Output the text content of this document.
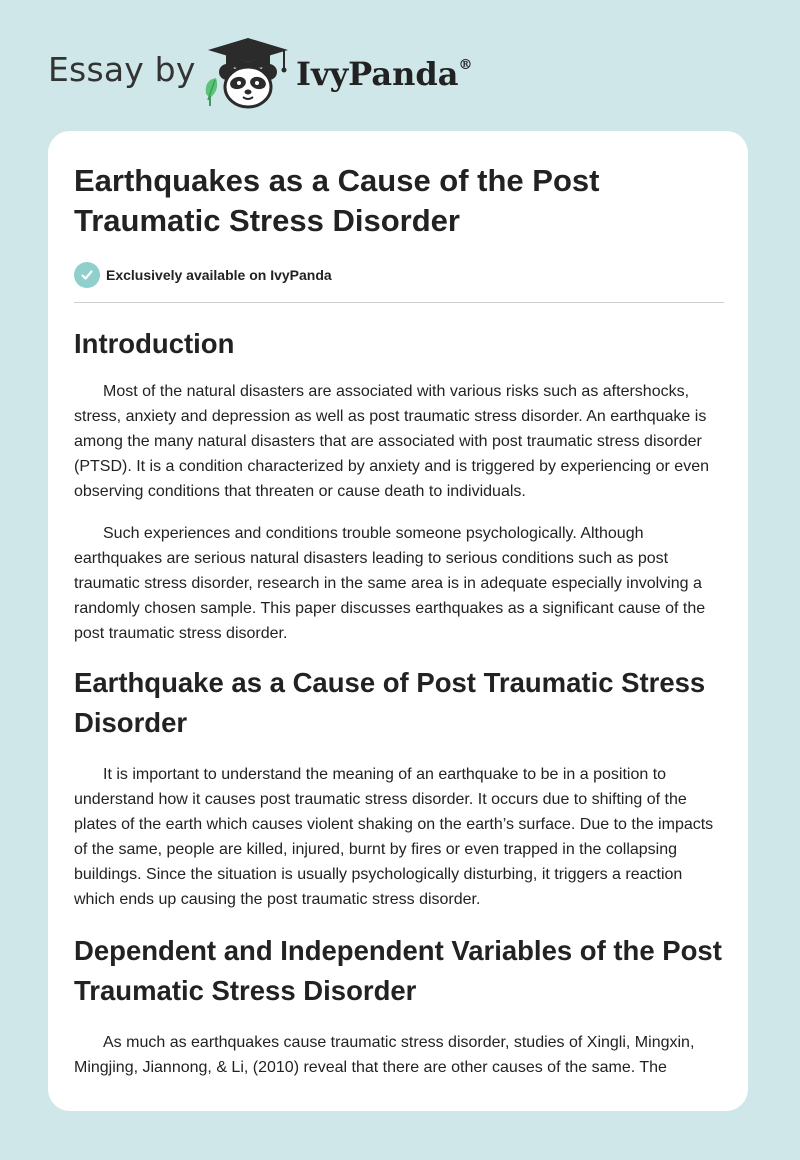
Essay by	IvyPanda®
Earthquakes as a Cause of the Post Traumatic Stress Disorder
Exclusively available on IvyPanda
Introduction

Most of the natural disasters are associated with various risks such as aftershocks, stress, anxiety and depression as well as post traumatic stress disorder. An earthquake is among the many natural disasters that are associated with post traumatic stress disorder (PTSD). It is a condition characterized by anxiety and is triggered by experiencing or even observing conditions that threaten or cause death to individuals.

Such experiences and conditions trouble someone psychologically. Although earthquakes are serious natural disasters leading to serious conditions such as post traumatic stress disorder, research in the same area is in adequate especially involving a randomly chosen sample. This paper discusses earthquakes as a significant cause of the post traumatic stress disorder.

Earthquake as a Cause of Post Traumatic Stress Disorder

It is important to understand the meaning of an earthquake to be in a position to understand how it causes post traumatic stress disorder. It occurs due to shifting of the plates of the earth which causes violent shaking on the earth’s surface. Due to the impacts of the same, people are killed, injured, burnt by fires or even trapped in the collapsing buildings. Since the situation is usually psychologically disturbing, it triggers a reaction which ends up causing the post traumatic stress disorder.

Dependent and Independent Variables of the Post Traumatic Stress Disorder

As much as earthquakes cause traumatic stress disorder, studies of Xingli, Mingxin, Mingjing, Jiannong, & Li, (2010) reveal that there are other causes of the same. The
